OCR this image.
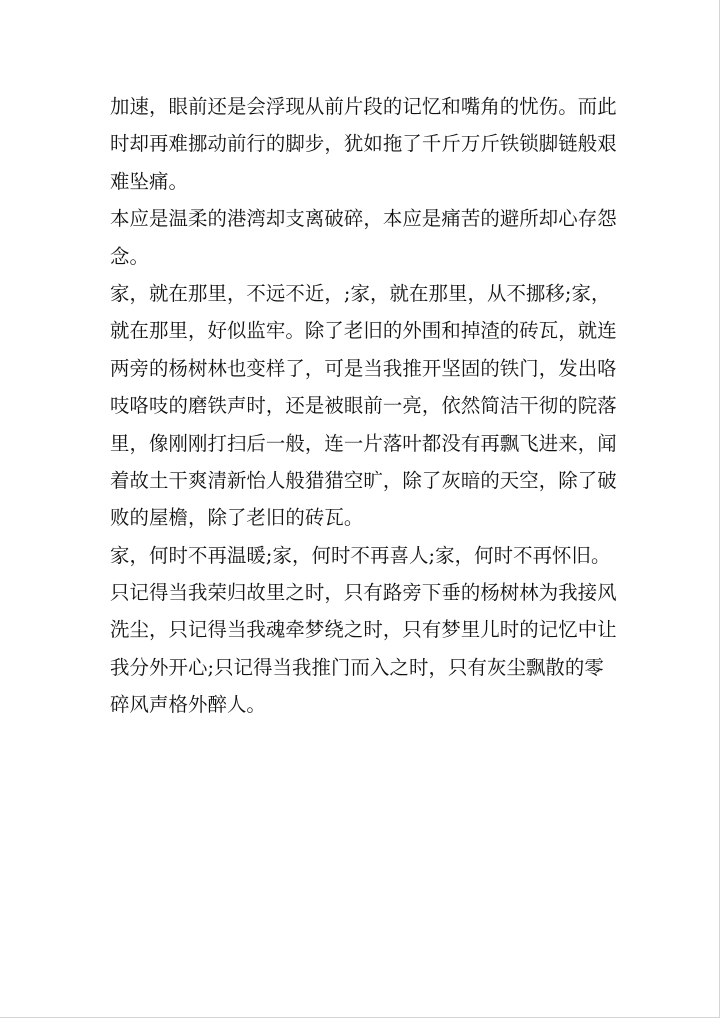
加速，眼前还是会浮现从前片段的记忆和嘴角的忧伤。而此
时却再难挪动前行的脚步，犹如拖了千斤万斤铁锁脚链般艰
难坠痛。
本应是温柔的港湾却支离破碎，本应是痛苦的避所却心存怨
念。
家，就在那里，不远不近，;家，就在那里，从不挪移;家，
就在那里，好似监牢。除了老旧的外围和掉渣的砖瓦，就连
两旁的杨树林也变样了，可是当我推开坚固的铁门，发出咯
吱咯吱的磨铁声时，还是被眼前一亮，依然简洁干彻的院落
里，像刚刚打扫后一般，连一片落叶都没有再飘飞进来，闻
着故土干爽清新怡人般猎猎空旷，除了灰暗的天空，除了破
败的屋檐，除了老旧的砖瓦。
家，何时不再温暖;家，何时不再喜人;家，何时不再怀旧。
只记得当我荣归故里之时，只有路旁下垂的杨树林为我接风
洗尘，只记得当我魂牵梦绕之时，只有梦里儿时的记忆中让
我分外开心;只记得当我推门而入之时，只有灰尘飘散的零
碎风声格外醉人。
